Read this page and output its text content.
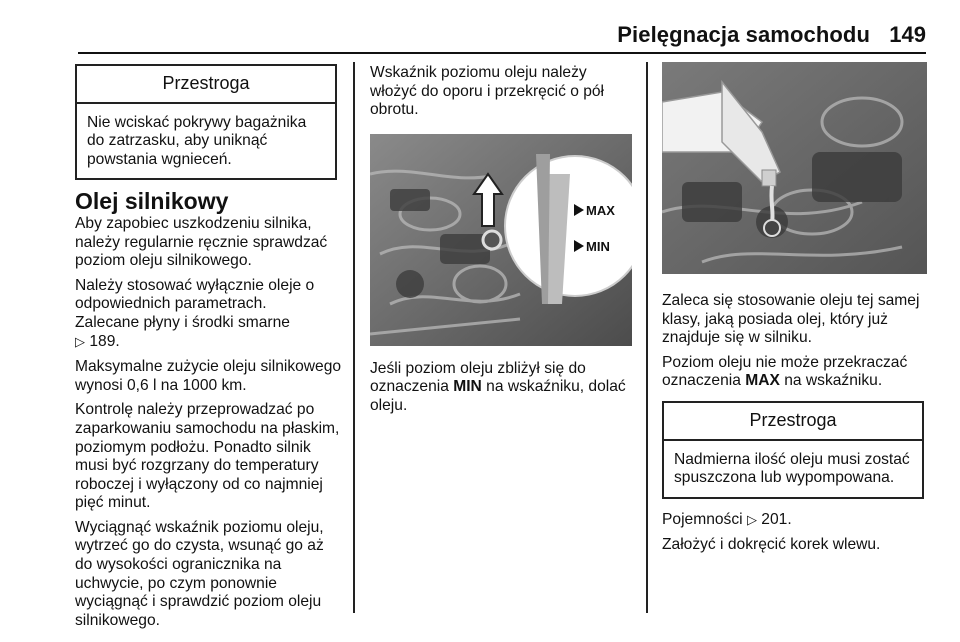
Pielęgnacja samochodu 149
Przestroga
Nie wciskać pokrywy bagażnika do zatrzasku, aby uniknąć powstania wgnieceń.
Olej silnikowy

Aby zapobiec uszkodzeniu silnika, należy regularnie ręcznie sprawdzać poziom oleju silnikowego.

Należy stosować wyłącznie oleje o odpowiednich parametrach.
Zalecane płyny i środki smarne
▷ 189.

Maksymalne zużycie oleju silnikowego wynosi 0,6 l na 1000 km.

Kontrolę należy przeprowadzać po zaparkowaniu samochodu na płaskim, poziomym podłożu. Ponadto silnik musi być rozgrzany do temperatury roboczej i wyłączony od co najmniej pięć minut.

Wyciągnąć wskaźnik poziomu oleju, wytrzeć go do czysta, wsunąć go aż do wysokości ogranicznika na uchwycie, po czym ponownie wyciągnąć i sprawdzić poziom oleju silnikowego.

Wskaźnik poziomu oleju należy włożyć do oporu i przekręcić o pół obrotu.

MAX
MIN

Jeśli poziom oleju zbliżył się do oznaczenia MIN na wskaźniku, dolać oleju.

Zaleca się stosowanie oleju tej samej klasy, jaką posiada olej, który już znajduje się w silniku.

Poziom oleju nie może przekraczać oznaczenia MAX na wskaźniku.

Przestroga
Nadmierna ilość oleju musi zostać spuszczona lub wypompowana.

Pojemności ▷ 201.

Założyć i dokręcić korek wlewu.
